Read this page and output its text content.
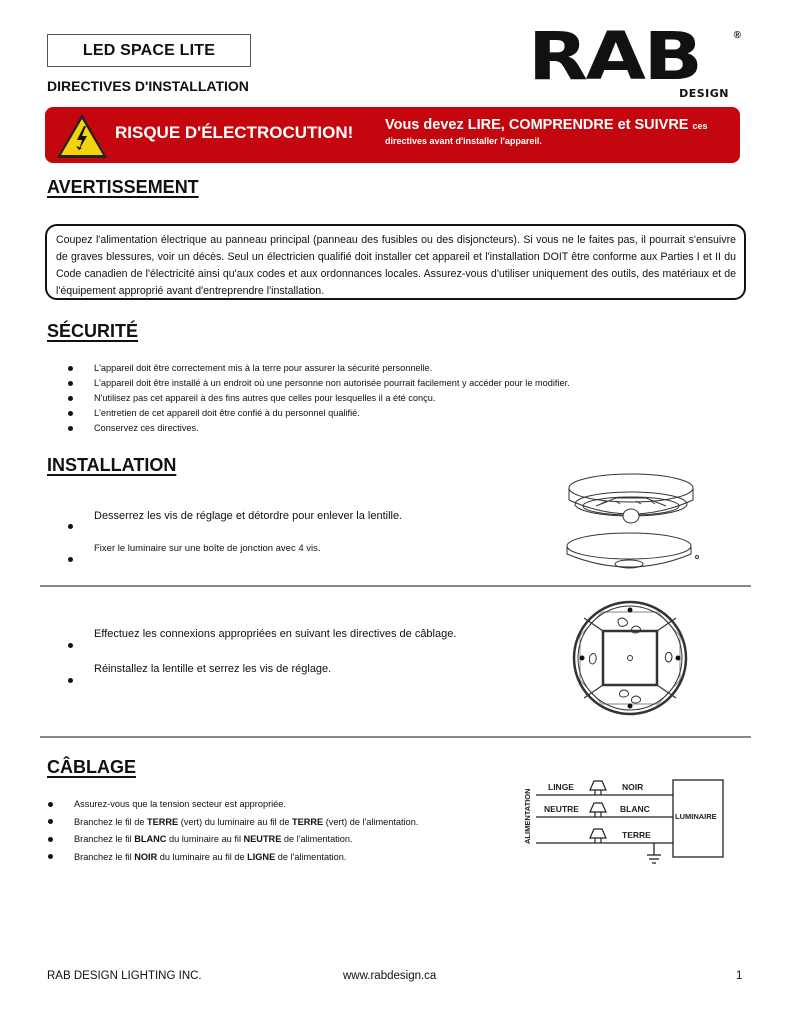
LED SPACE LITE
DIRECTIVES D'INSTALLATION	RAB	®
DESIGN
RISQUE D'ÉLECTROCUTION! Vous devez LIRE, COMPRENDRE et SUIVRE ces
directives avant d'installer l'appareil.
AVERTISSEMENT
Coupez l'alimentation électrique au panneau principal (panneau des fusibles ou des disjoncteurs). Si vous ne le faites pas, il pourrait s'ensuivre de graves blessures, voir un décès. Seul un électricien qualifié doit installer cet appareil et l'installation DOIT être conforme aux Parties I et II du Code canadien de l'électricité ainsi qu'aux codes et aux ordonnances locales. Assurez-vous d'utiliser uniquement des outils, des matériaux et de l'équipement approprié avant d'entreprendre l'installation.
SÉCURITÉ
L'appareil doit être correctement mis à la terre pour assurer la sécurité personnelle.
L'appareil doit être installé à un endroit où une personne non autorisée pourrait facilement y accéder pour le modifier.
N'utilisez pas cet appareil à des fins autres que celles pour lesquelles il a été conçu.
L'entretien de cet appareil doit être confié à du personnel qualifié.
Conservez ces directives.
INSTALLATION
Desserrez les vis de réglage et détordre pour enlever la lentille.
Fixer le luminaire sur une boîte de jonction avec 4 vis.
Effectuez les connexions appropriées en suivant les directives de câblage.
Réinstallez la lentille et serrez les vis de réglage.
CÂBLAGE
Assurez-vous que la tension secteur est appropriée.
Branchez le fil de TERRE (vert) du luminaire au fil de TERRE (vert) de l'alimentation.
Branchez le fil BLANC du luminaire au fil NEUTRE de l'alimentation.
Branchez le fil NOIR du luminaire au fil de LIGNE de l'alimentation.
LINGE
NEUTRE
NOIR
BLANC
TERRE
LUMINAIRE
ALIMENTATION
RAB DESIGN LIGHTING INC.	www.rabdesign.ca	1
